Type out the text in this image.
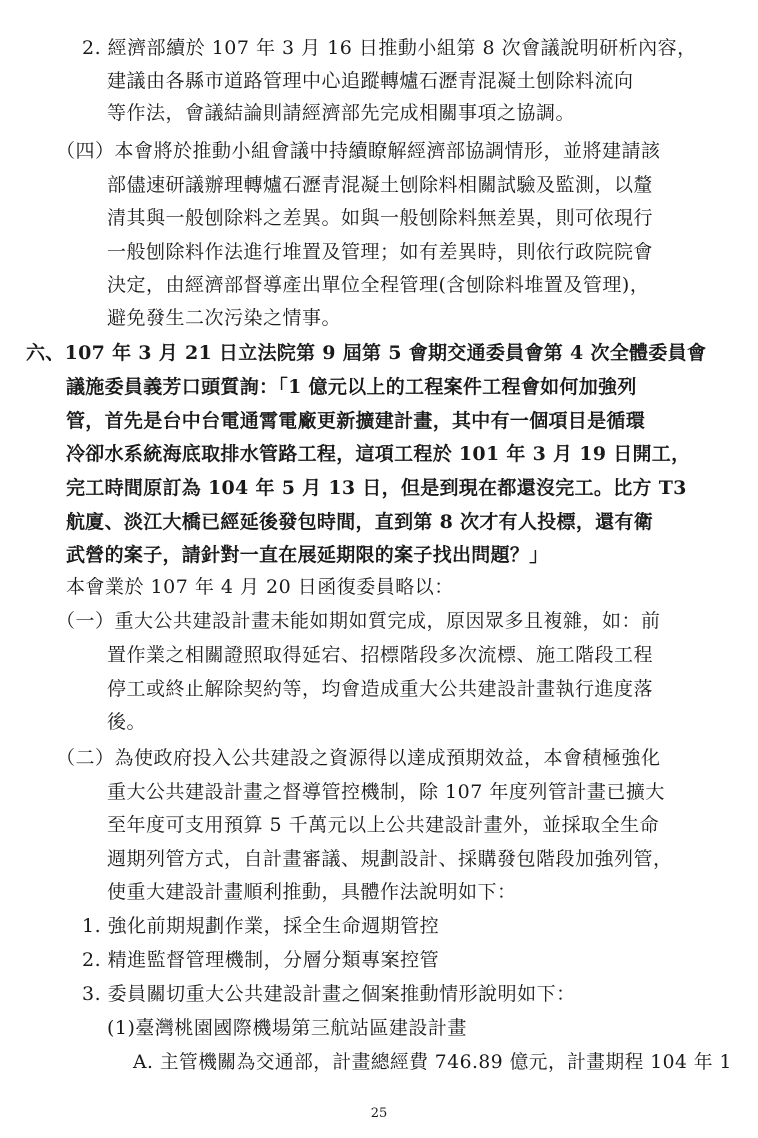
2. 經濟部續於 107 年 3 月 16 日推動小組第 8 次會議說明研析內容，
建議由各縣市道路管理中心追蹤轉爐石瀝青混凝土刨除料流向
等作法，會議結論則請經濟部先完成相關事項之協調。
（四）本會將於推動小組會議中持續瞭解經濟部協調情形，並將建請該
部儘速研議辦理轉爐石瀝青混凝土刨除料相關試驗及監測，以釐
清其與一般刨除料之差異。如與一般刨除料無差異，則可依現行
一般刨除料作法進行堆置及管理；如有差異時，則依行政院院會
決定，由經濟部督導產出單位全程管理(含刨除料堆置及管理)，
避免發生二次污染之情事。
六、107 年 3 月 21 日立法院第 9 屆第 5 會期交通委員會第 4 次全體委員會
議施委員義芳口頭質詢：「1 億元以上的工程案件工程會如何加強列
管，首先是台中台電通霄電廠更新擴建計畫，其中有一個項目是循環
冷卻水系統海底取排水管路工程，這項工程於 101 年 3 月 19 日開工，
完工時間原訂為 104 年 5 月 13 日，但是到現在都還沒完工。比方 T3
航廈、淡江大橋已經延後發包時間，直到第 8 次才有人投標，還有衛
武營的案子，請針對一直在展延期限的案子找出問題？」
本會業於 107 年 4 月 20 日函復委員略以：
（一）重大公共建設計畫未能如期如質完成，原因眾多且複雜，如：前
置作業之相關證照取得延宕、招標階段多次流標、施工階段工程
停工或終止解除契約等，均會造成重大公共建設計畫執行進度落
後。
（二）為使政府投入公共建設之資源得以達成預期效益，本會積極強化
重大公共建設計畫之督導管控機制，除 107 年度列管計畫已擴大
至年度可支用預算 5 千萬元以上公共建設計畫外，並採取全生命
週期列管方式，自計畫審議、規劃設計、採購發包階段加強列管，
使重大建設計畫順利推動，具體作法說明如下：
1. 強化前期規劃作業，採全生命週期管控
2. 精進監督管理機制，分層分類專案控管
3. 委員關切重大公共建設計畫之個案推動情形說明如下：
(1)臺灣桃園國際機場第三航站區建設計畫
A. 主管機關為交通部，計畫總經費 746.89 億元，計畫期程 104 年 1
25
